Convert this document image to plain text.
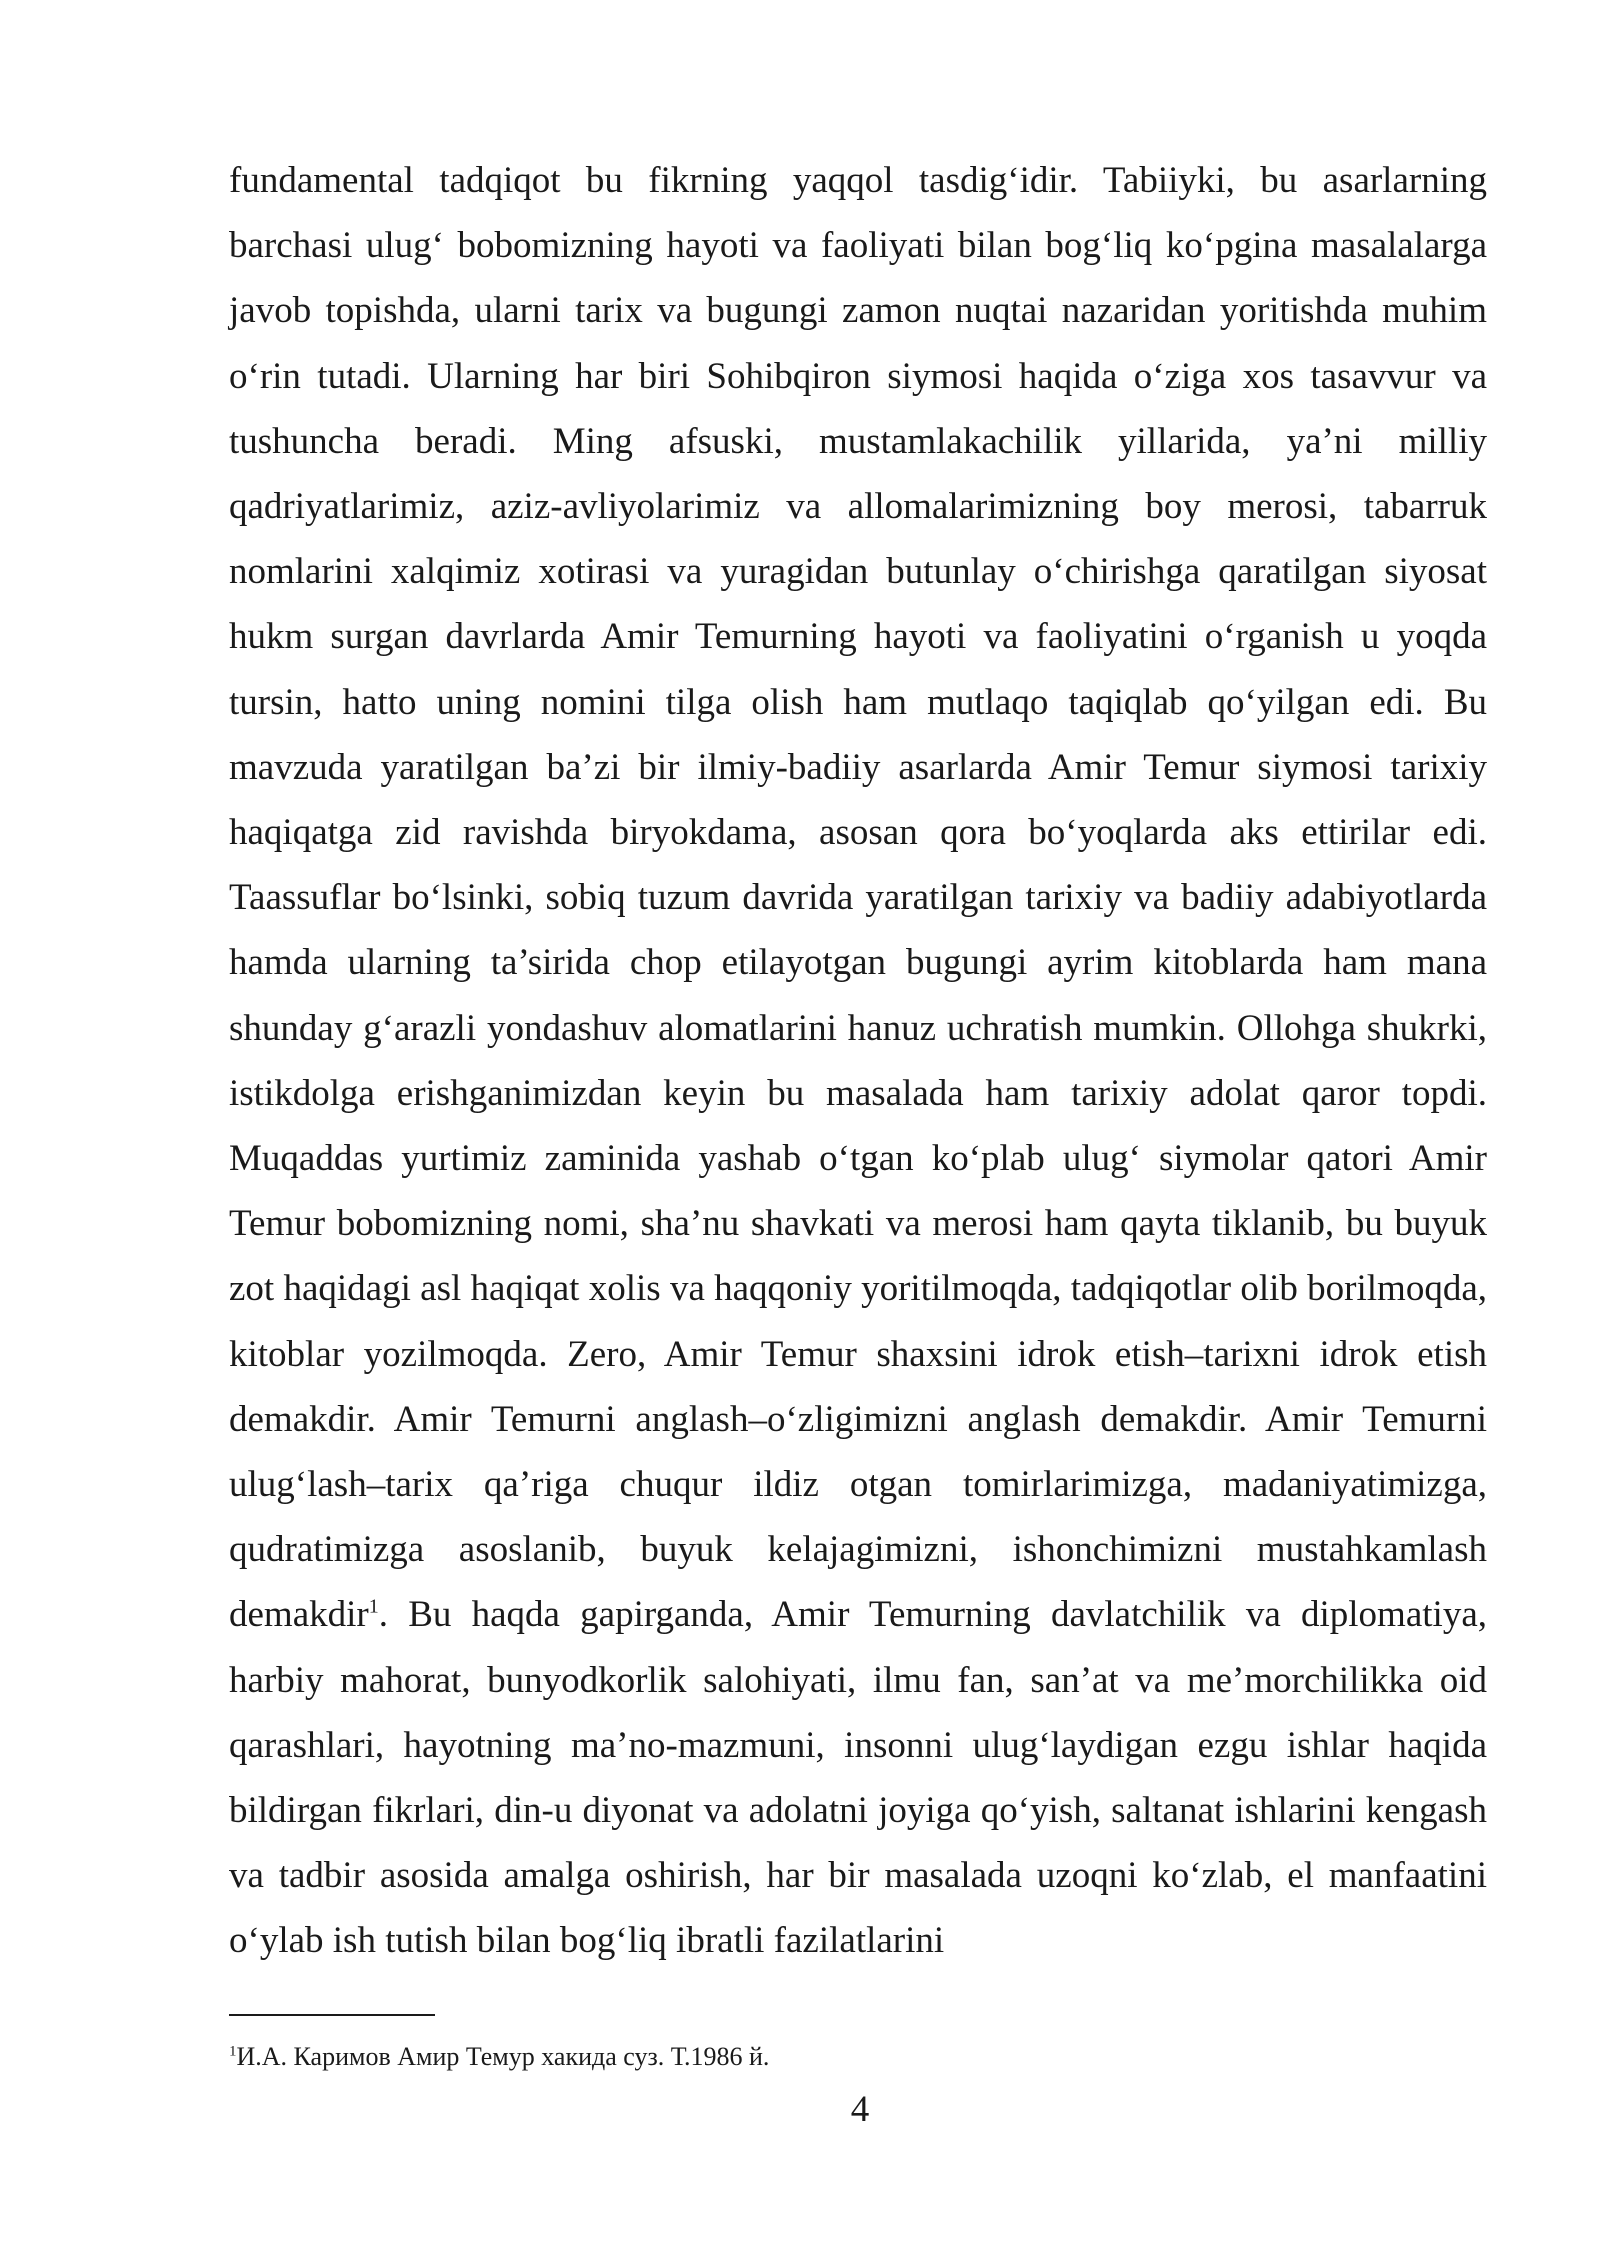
fundamental tadqiqot bu fikrning yaqqol tasdig‘idir. Tabiiyki, bu asarlarning barchasi ulug‘ bobomizning hayoti va faoliyati bilan bog‘liq ko‘pgina masalalarga javob topishda, ularni tarix va bugungi zamon nuqtai nazaridan yoritishda muhim o‘rin tutadi. Ularning har biri Sohibqiron siymosi haqida o‘ziga xos tasavvur va tushuncha beradi. Ming afsuski, mustamlakachilik yillarida, ya’ni milliy qadriyatlarimiz, aziz-avliyolarimiz va allomalarimizning boy merosi, tabarruk nomlarini xalqimiz xotirasi va yuragidan butunlay o‘chirishga qaratilgan siyosat hukm surgan davrlarda Amir Temurning hayoti va faoliyatini o‘rganish u yoqda tursin, hatto uning nomini tilga olish ham mutlaqo taqiqlab qo‘yilgan edi. Bu mavzuda yaratilgan ba’zi bir ilmiy-badiiy asarlarda Amir Temur siymosi tarixiy haqiqatga zid ravishda biryokdama, asosan qora bo‘yoqlarda aks ettirilar edi. Taassuflar bo‘lsinki, sobiq tuzum davrida yaratilgan tarixiy va badiiy adabiyotlarda hamda ularning ta’sirida chop etilayotgan bugungi ayrim kitoblarda ham mana shunday g‘arazli yondashuv alomatlarini hanuz uchratish mumkin. Ollohga shukrki, istikdolga erishganimizdan keyin bu masalada ham tarixiy adolat qaror topdi. Muqaddas yurtimiz zaminida yashab o‘tgan ko‘plab ulug‘ siymolar qatori Amir Temur bobomizning nomi, sha’nu shavkati va merosi ham qayta tiklanib, bu buyuk zot haqidagi asl haqiqat xolis va haqqoniy yoritilmoqda, tadqiqotlar olib borilmoqda, kitoblar yozilmoqda. Zero, Amir Temur shaxsini idrok etish–tarixni idrok etish demakdir. Amir Temurni anglash–o‘zligimizni anglash demakdir. Amir Temurni ulug‘lash–tarix qa’riga chuqur ildiz otgan tomirlarimizga, madaniyatimizga, qudratimizga asoslanib, buyuk kelajagimizni, ishonchimizni mustahkamlash demakdir$^1$. Bu haqda gapirganda, Amir Temurning davlatchilik va diplomatiya, harbiy mahorat, bunyodkorlik salohiyati, ilmu fan, san’at va me’morchilikka oid qarashlari, hayotning ma’no-mazmuni, insonni ulug‘laydigan ezgu ishlar haqida bildirgan fikrlari, din-u diyonat va adolatni joyiga qo‘yish, saltanat ishlarini kengash va tadbir asosida amalga oshirish, har bir masalada uzoqni ko‘zlab, el manfaatini o‘ylab ish tutish bilan bog‘liq ibratli fazilatlarini

$^1$И.А. Каримов Амир Темур хакида суз. Т.1986 й.

4
